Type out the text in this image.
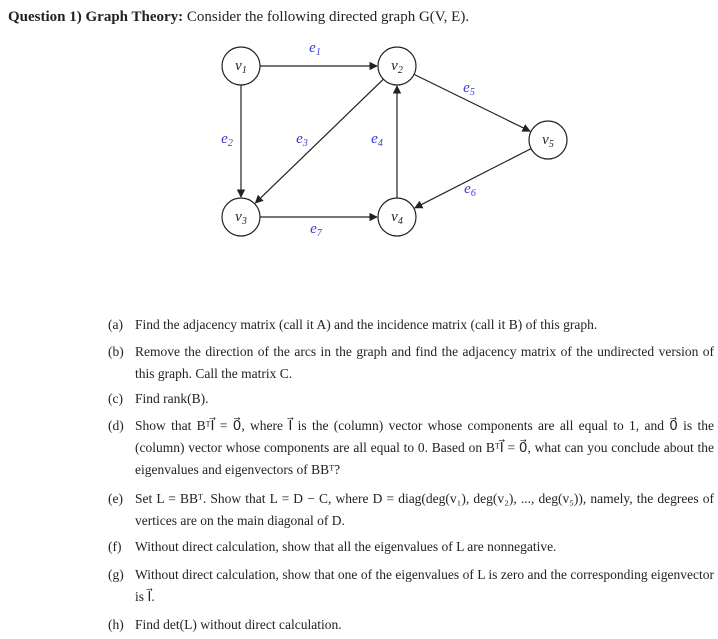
Question 1) Graph Theory: Consider the following directed graph G(V, E).
$e_1$
$e_2$	$e_3$	$e_4$
$e_5$
$e_6$
$e_7$
$v_1$	$v_2$
$v_3$	$v_4$
$v_5$
(a) Find the adjacency matrix (call it A) and the incidence matrix (call it B) of this graph.
(b) Remove the direction of the arcs in the graph and find the adjacency matrix of the undirected version of this graph. Call the matrix C.
(c) Find rank(B).
(d) Show that BᵀI⃗ = 0⃗, where I⃗ is the (column) vector whose components are all equal to 1, and 0⃗ is the (column) vector whose components are all equal to 0. Based on BᵀI⃗ = 0⃗, what can you conclude about the eigenvalues and eigenvectors of BBᵀ?
(e) Set L = BBᵀ. Show that L = D − C, where D = diag(deg(v₁), deg(v₂), ..., deg(v₅)), namely, the degrees of vertices are on the main diagonal of D.
(f)	Without direct calculation, show that all the eigenvalues of L are nonnegative.
(g) Without direct calculation, show that one of the eigenvalues of L is zero and the corresponding eigenvector is I⃗.
(h) Find det(L) without direct calculation.
